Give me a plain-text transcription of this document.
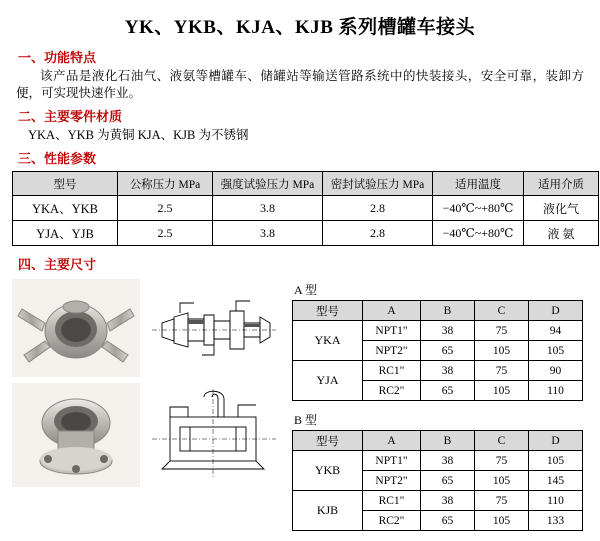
YK、YKB、KJA、KJB 系列槽罐车接头
一、功能特点
该产品是液化石油气、液氨等槽罐车、储罐站等输送管路系统中的快装接头，安全可靠，装卸方便，可实现快速作业。
二、主要零件材质
YKA、YKB 为黄铜 KJA、KJB 为不锈钢
三、性能参数
型号	公称压力 MPa	强度试验压力 MPa	密封试验压力 MPa	适用温度	适用介质
YKA、YKB	2.5	3.8	2.8	−40℃~+80℃	液化气
YJA、YJB	2.5	3.8	2.8	−40℃~+80℃	液 氨
四、主要尺寸
A 型
型号	A	B	C	D
YKA	NPT1"	38	75	94
	NPT2"	65	105	105
YJA	RC1"	38	75	90
	RC2"	65	105	110
B 型
型号	A	B	C	D
YKB	NPT1"	38	75	105
	NPT2"	65	105	145
KJB	RC1"	38	75	110
	RC2"	65	105	133
